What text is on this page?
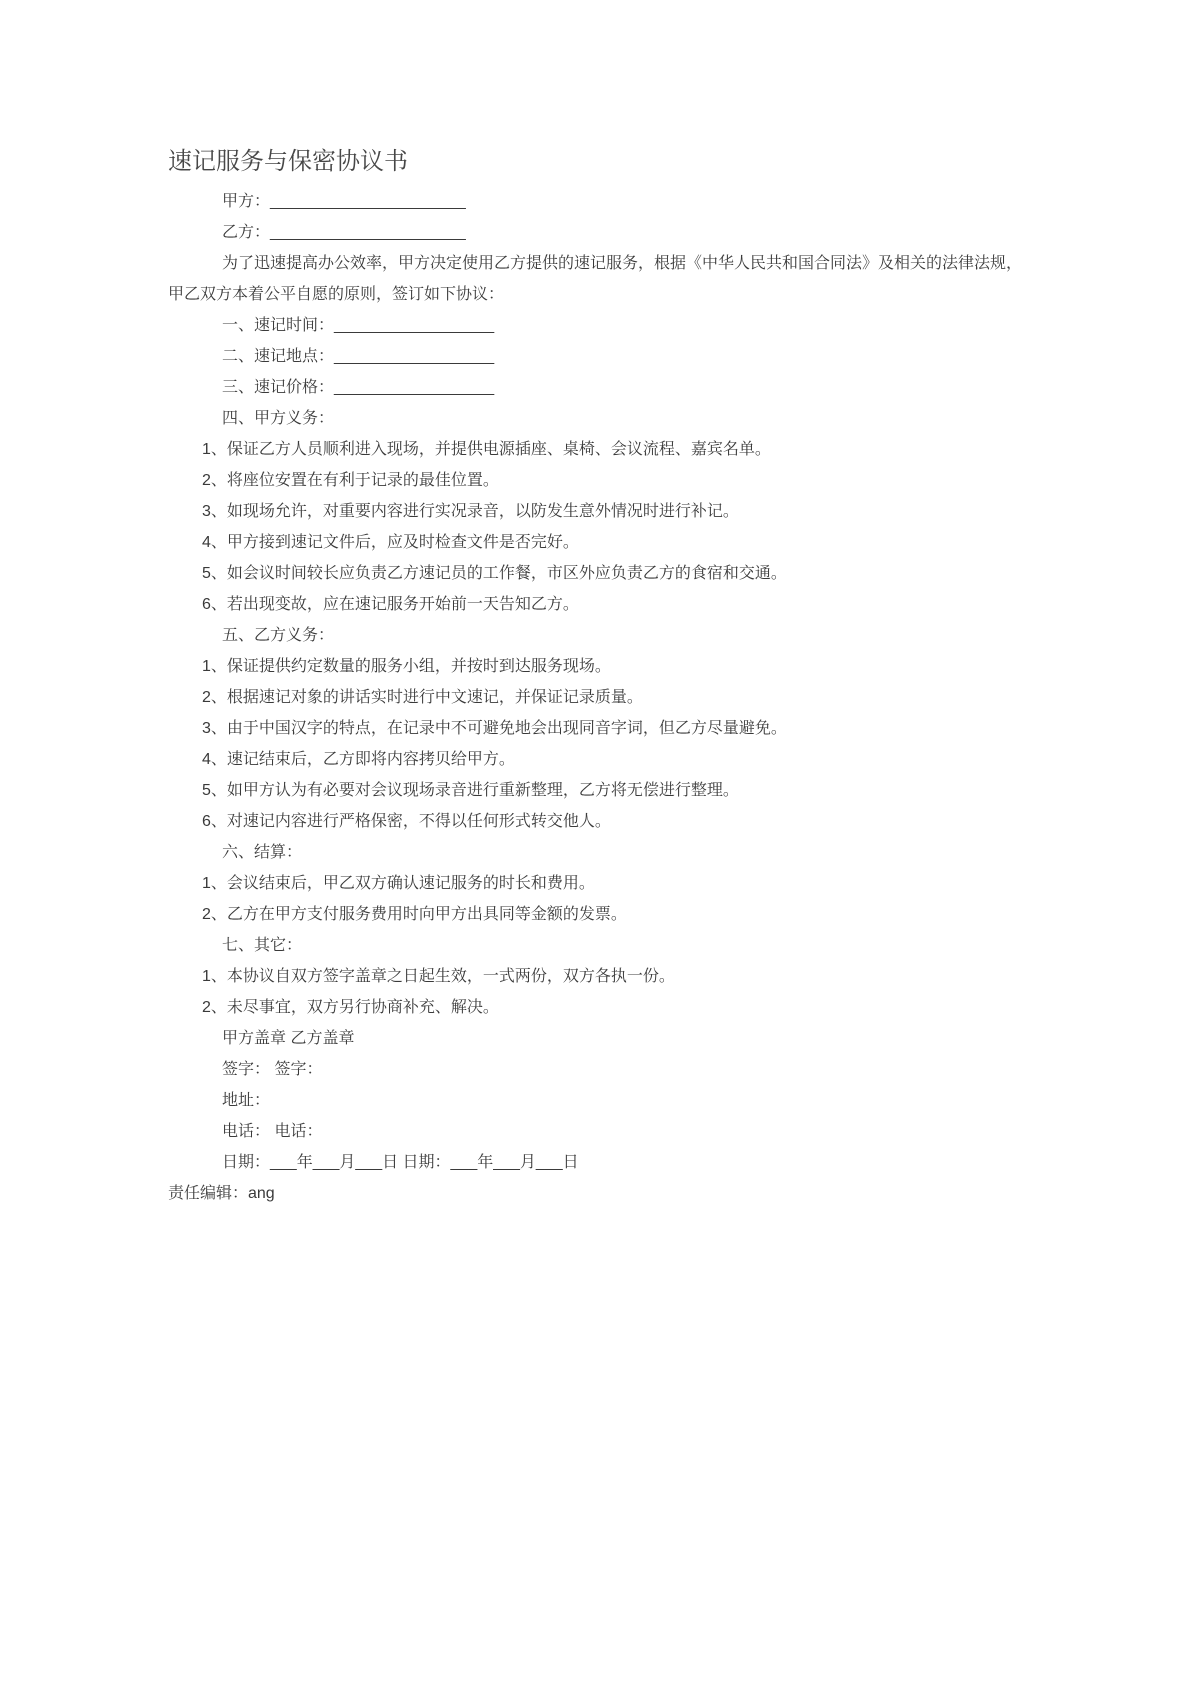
速记服务与保密协议书

甲方：______________________

乙方：______________________

为了迅速提高办公效率，甲方决定使用乙方提供的速记服务，根据《中华人民共和国合同法》及相关的法律法规，

甲乙双方本着公平自愿的原则，签订如下协议：

一、速记时间：__________________

二、速记地点：__________________

三、速记价格：__________________

四、甲方义务：

1、保证乙方人员顺利进入现场，并提供电源插座、桌椅、会议流程、嘉宾名单。

2、将座位安置在有利于记录的最佳位置。

3、如现场允许，对重要内容进行实况录音，以防发生意外情况时进行补记。

4、甲方接到速记文件后，应及时检查文件是否完好。

5、如会议时间较长应负责乙方速记员的工作餐，市区外应负责乙方的食宿和交通。

6、若出现变故，应在速记服务开始前一天告知乙方。

五、乙方义务：

1、保证提供约定数量的服务小组，并按时到达服务现场。

2、根据速记对象的讲话实时进行中文速记，并保证记录质量。

3、由于中国汉字的特点，在记录中不可避免地会出现同音字词，但乙方尽量避免。

4、速记结束后，乙方即将内容拷贝给甲方。

5、如甲方认为有必要对会议现场录音进行重新整理，乙方将无偿进行整理。

6、对速记内容进行严格保密，不得以任何形式转交他人。

六、结算：

1、会议结束后，甲乙双方确认速记服务的时长和费用。

2、乙方在甲方支付服务费用时向甲方出具同等金额的发票。

七、其它：

1、本协议自双方签字盖章之日起生效，一式两份，双方各执一份。

2、未尽事宜，双方另行协商补充、解决。

甲方盖章 乙方盖章

签字： 签字：

地址：

电话： 电话：

日期：___年___月___日 日期：___年___月___日

责任编辑：ang
